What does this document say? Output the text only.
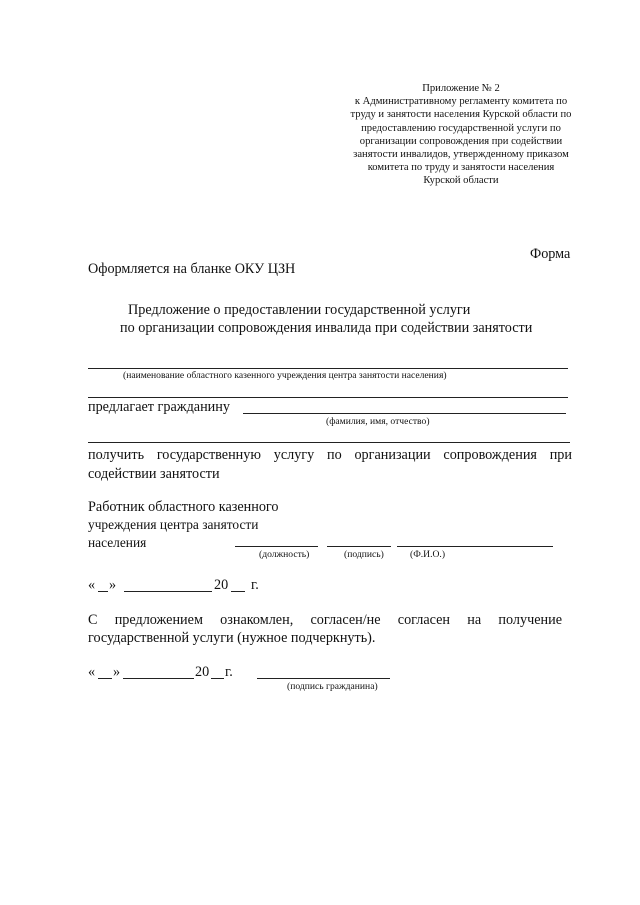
Приложение № 2
к Административному регламенту комитета по
труду и занятости населения Курской области по
предоставлению государственной услуги по
организации сопровождения при содействии
занятости инвалидов, утвержденному приказом
комитета по труду и занятости населения
Курской области
Форма
Оформляется на бланке ОКУ ЦЗН
Предложение о предоставлении государственной услуги
по организации сопровождения инвалида при содействии занятости
(наименование областного казенного учреждения центра занятости населения)
предлагает гражданину
(фамилия, имя, отчество)
получить государственную услугу по организации сопровождения при
содействии занятости
Работник областного казенного
учреждения центра занятости
населения
(должность)	(подпись)	(Ф.И.О.)
« »	20 г.
С предложением ознакомлен, согласен/не согласен на получение
государственной услуги (нужное подчеркнуть).
« »	20 г.
(подпись гражданина)
